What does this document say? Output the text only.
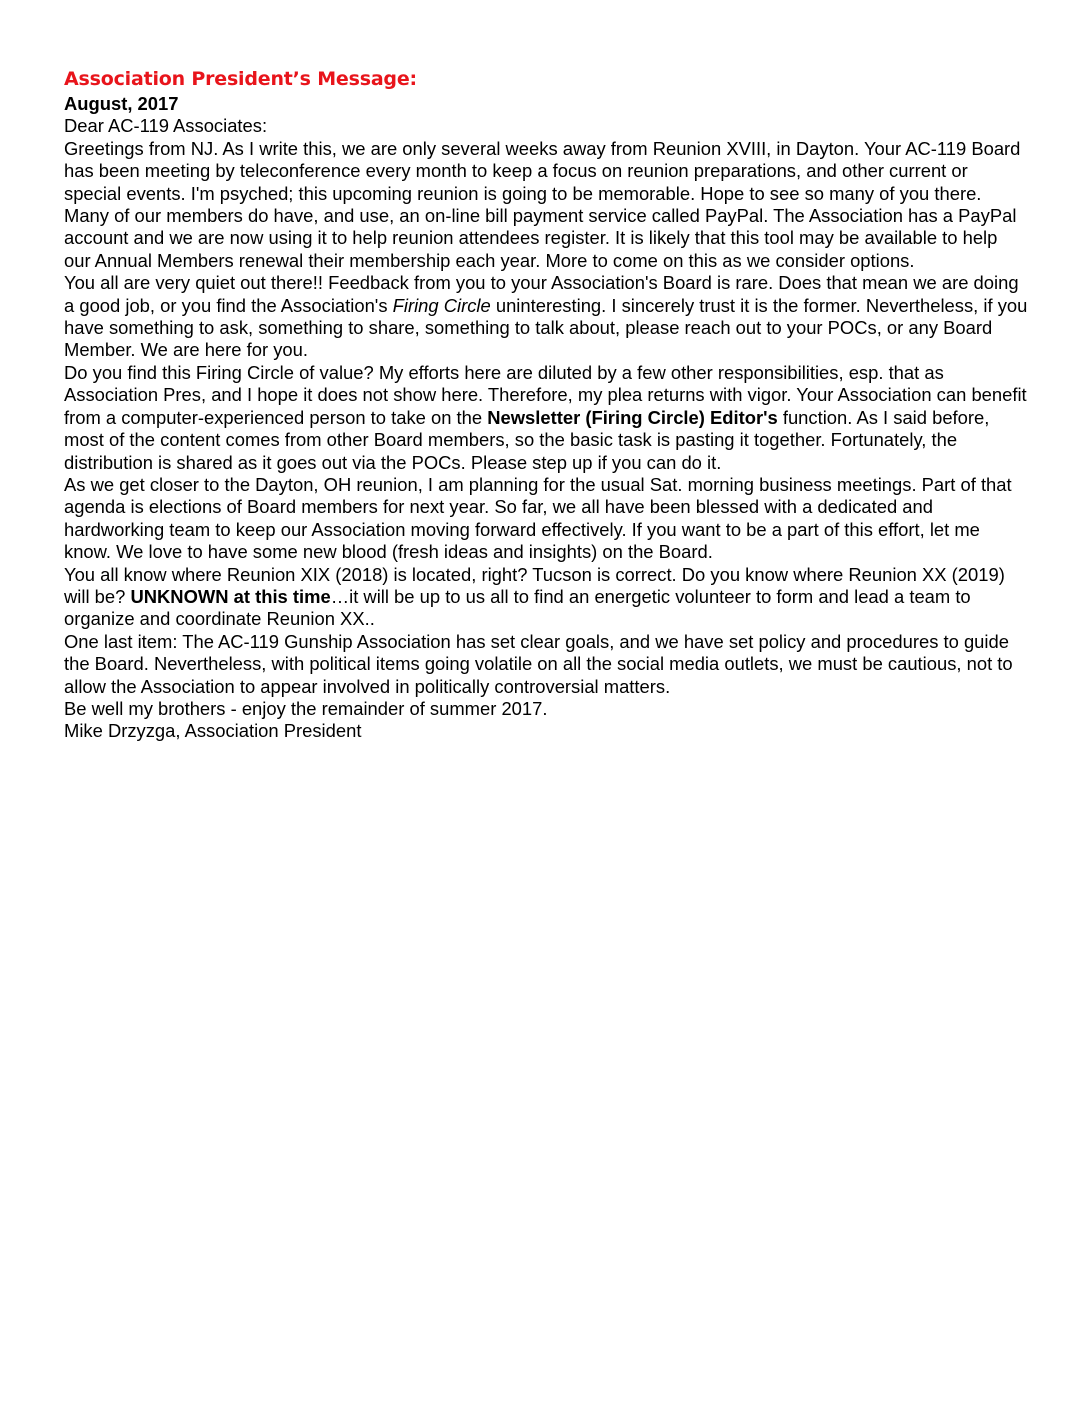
Association President’s Message:

August, 2017

Dear AC-119 Associates:

Greetings from NJ. As I write this, we are only several weeks away from Reunion XVIII, in Dayton. Your AC-119 Board has been meeting by teleconference every month to keep a focus on reunion preparations, and other current or special events. I'm psyched; this upcoming reunion is going to be memorable. Hope to see so many of you there.

Many of our members do have, and use, an on-line bill payment service called PayPal. The Association has a PayPal account and we are now using it to help reunion attendees register. It is likely that this tool may be available to help our Annual Members renewal their membership each year. More to come on this as we consider options.

You all are very quiet out there!! Feedback from you to your Association's Board is rare. Does that mean we are doing a good job, or you find the Association's Firing Circle uninteresting. I sincerely trust it is the former. Nevertheless, if you have something to ask, something to share, something to talk about, please reach out to your POCs, or any Board Member. We are here for you.

Do you find this Firing Circle of value? My efforts here are diluted by a few other responsibilities, esp. that as Association Pres, and I hope it does not show here. Therefore, my plea returns with vigor. Your Association can benefit from a computer-experienced person to take on the Newsletter (Firing Circle) Editor's function. As I said before, most of the content comes from other Board members, so the basic task is pasting it together. Fortunately, the distribution is shared as it goes out via the POCs. Please step up if you can do it.

As we get closer to the Dayton, OH reunion, I am planning for the usual Sat. morning business meetings. Part of that agenda is elections of Board members for next year. So far, we all have been blessed with a dedicated and hardworking team to keep our Association moving forward effectively. If you want to be a part of this effort, let me know. We love to have some new blood (fresh ideas and insights) on the Board.

You all know where Reunion XIX (2018) is located, right? Tucson is correct. Do you know where Reunion XX (2019) will be? UNKNOWN at this time…it will be up to us all to find an energetic volunteer to form and lead a team to organize and coordinate Reunion XX..

One last item: The AC-119 Gunship Association has set clear goals, and we have set policy and procedures to guide the Board. Nevertheless, with political items going volatile on all the social media outlets, we must be cautious, not to allow the Association to appear involved in politically controversial matters.

Be well my brothers - enjoy the remainder of summer 2017.

Mike Drzyzga, Association President
